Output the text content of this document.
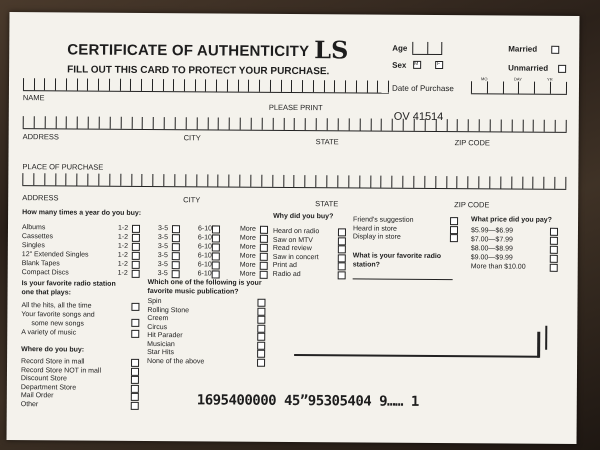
CERTIFICATE OF AUTHENTICITY
FILL OUT THIS CARD TO PROTECT YOUR PURCHASE.
LS	Age
Sex M	F
Married
Unmarried
Date of Purchase
MO	DAY	YR
OV 41514
NAME
PLEASE PRINT
ADDRESS	CITY	STATE	ZIP CODE
PLACE OF PURCHASE
ADDRESS	CITY	STATE	ZIP CODE
How many times a year do you buy:
Albums	1-2	3-5	6-10	More
Cassettes	1-2	3-5	6-10	More
Singles	1-2	3-5	6-10	More
12" Extended Singles	1-2	3-5	6-10	More
Blank Tapes	1-2	3-5	6-10	More
Compact Discs	1-2	3-5	6-10	More
Why did you buy?
Heard on radio
Saw on MTV
Read review
Saw in concert
Print ad
Radio ad
Friend's suggestion
Heard in store
Display in store
What is your favorite radio
station?
What price did you pay?
$5.99—$6.99
$7.00—$7.99
$8.00—$8.99
$9.00—$9.99
More than $10.00
Is your favorite radio station
one that plays:
All the hits, all the time
Your favorite songs and
some new songs
A variety of music
Which one of the following is your
favorite music publication?
Spin
Rolling Stone
Creem
Circus
Hit Parader
Musician
Star Hits
None of the above
Where do you buy:
Record Store in mall
Record Store NOT in mall
Discount Store
Department Store
Mail Order
Other	1695400000 45”95305404 9…… 1
